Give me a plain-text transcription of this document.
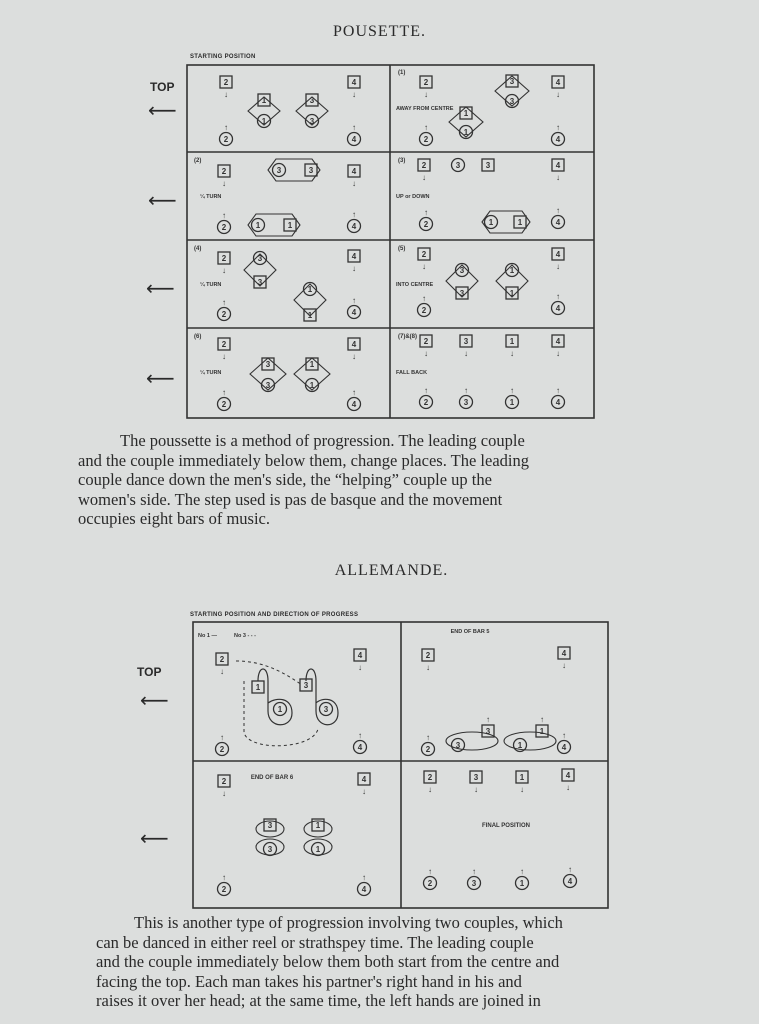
POUSETTE.
STARTING POSITION
TOP
⟵
⟵
⟵
⟵
(1)
AWAY FROM CENTRE
(2)
¼ TURN
(3)
UP or DOWN
(4)
¼ TURN
(5)
INTO CENTRE
(6)
¼ TURN
(7)&(8)
FALL BACK
2
↓
2
↑
4
↓
4
↑
1
1
3
3
2
↓
2
↑
4
↓
4
↑
3
3
1
1
2
↓
2
↑
4
↓
4
↑
3	3
1	1
2
↓
2
↑
4
↓
4
↑
3	3
1	1
2
↓
2
↑
4
↓
4
↑
3
3
1
1
2
↓
2
↑
4
↓
4
↑
3
3
1
1
2
↓
2
↑
4
↓
4
↑
3
3
1
1
2
↓
3
↓
1
↓
4
↓
2
↑
3
↑
1
↑
4
↑
The poussette is a method of progression. The leading couple
and the couple immediately below them, change places. The leading
couple dance down the men's side, the “helping” couple up the
women's side. The step used is pas de basque and the movement
occupies eight bars of music.
ALLEMANDE.
STARTING POSITION AND DIRECTION OF PROGRESS
TOP
⟵
⟵
No 1 —	No 3 - - -
END OF BAR 5
END OF BAR 6
FINAL POSITION
2
↓
2
↑
4
↓
4
↑
1
1
3
3
2
↓
4
↓
2
↑
4
↑
3
3
↑
1
1
↑
2
↓
2
↑
4
↓
4
↑
3
3
1
1
2
↓
3
↓
1
↓
4
↓
2
↑
3
↑
1
↑
4
↑
This is another type of progression involving two couples, which
can be danced in either reel or strathspey time. The leading couple
and the couple immediately below them both start from the centre and
facing the top. Each man takes his partner's right hand in his and
raises it over her head; at the same time, the left hands are joined in
